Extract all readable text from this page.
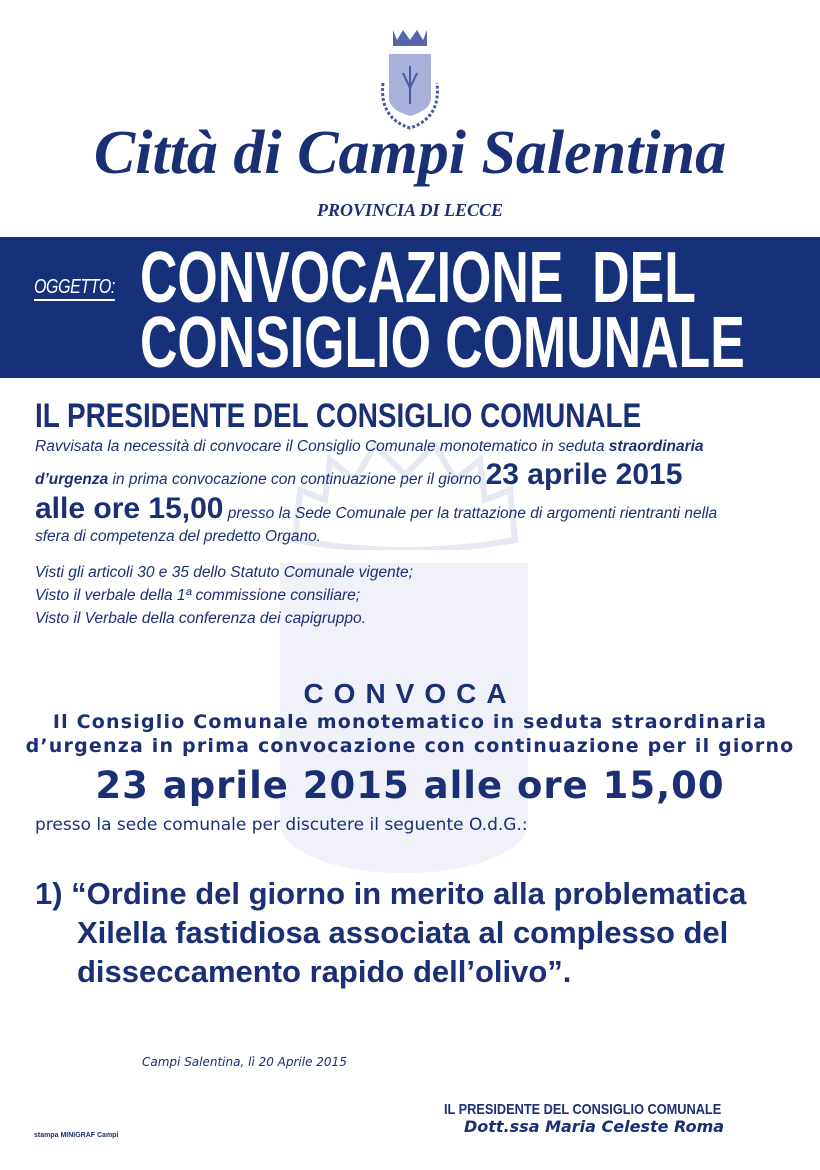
Città di Campi Salentina
PROVINCIA DI LECCE
OGGETTO: CONVOCAZIONE  DEL
CONSIGLIO COMUNALE
IL PRESIDENTE DEL CONSIGLIO COMUNALE
Ravvisata la necessità di convocare il Consiglio Comunale monotematico in seduta straordinaria
d’urgenza in prima convocazione con continuazione per il giorno 23 aprile 2015
alle ore 15,00 presso la Sede Comunale per la trattazione di argomenti rientranti nella
sfera di competenza del predetto Organo.
Visti gli articoli 30 e 35 dello Statuto Comunale vigente;
Visto il verbale della 1ª commissione consiliare;
Visto il Verbale della conferenza dei capigruppo.
CONVOCA
Il Consiglio Comunale monotematico in seduta straordinaria
d’urgenza in prima convocazione con continuazione per il giorno
23 aprile 2015 alle ore 15,00
presso la sede comunale per discutere il seguente O.d.G.:
1) “Ordine del giorno in merito alla problematica
Xilella fastidiosa associata al complesso del
disseccamento rapido dell’olivo”.
Campi Salentina, lì 20 Aprile 2015
IL PRESIDENTE DEL CONSIGLIO COMUNALE
Dott.ssa Maria Celeste Roma
stampa MINIGRAF Campi
